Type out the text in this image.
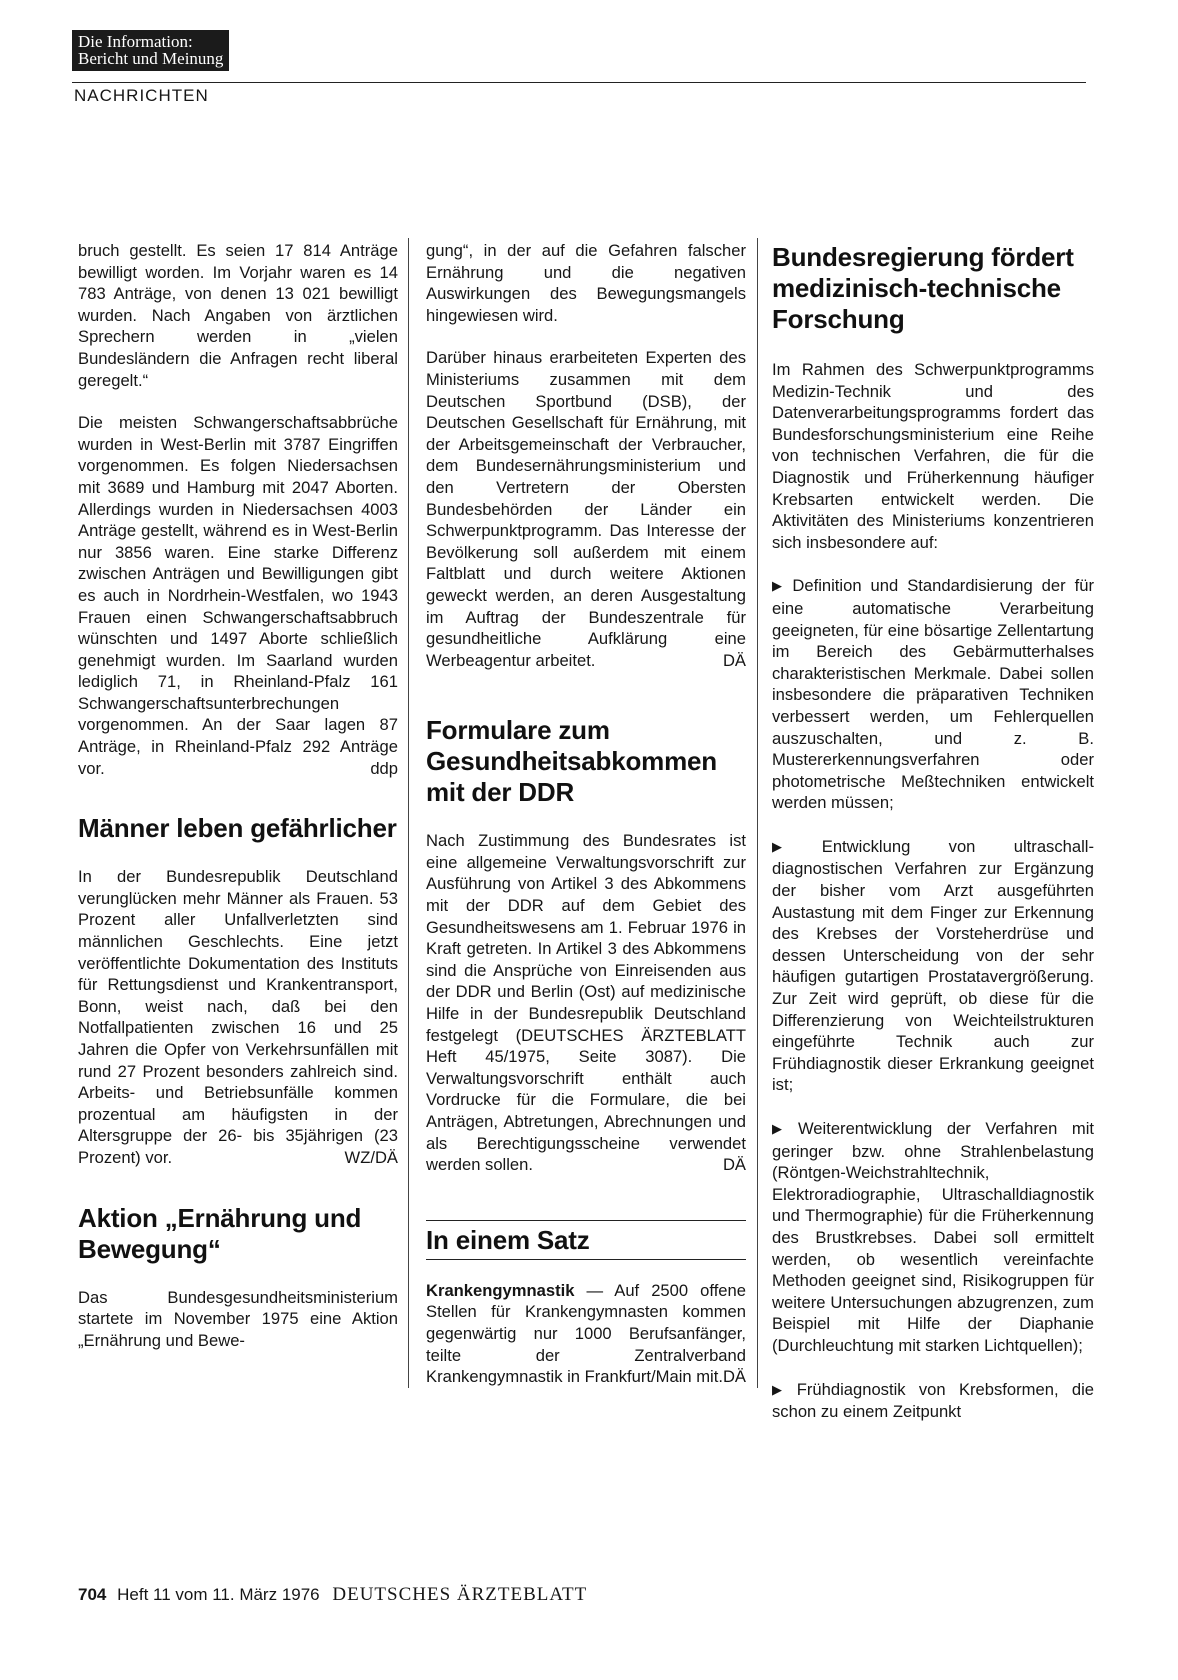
Die Information:
Bericht und Meinung
NACHRICHTEN

bruch gestellt. Es seien 17 814 Anträge bewilligt worden. Im Vorjahr waren es 14 783 Anträge, von denen 13 021 bewilligt wurden. Nach Angaben von ärztlichen Sprechern werden in „vielen Bundesländern die Anfragen recht liberal geregelt.“

Die meisten Schwangerschaftsabbrüche wurden in West-Berlin mit 3787 Eingriffen vorgenommen. Es folgen Niedersachsen mit 3689 und Hamburg mit 2047 Aborten. Allerdings wurden in Niedersachsen 4003 Anträge gestellt, während es in West-Berlin nur 3856 waren. Eine starke Differenz zwischen Anträgen und Bewilligungen gibt es auch in Nordrhein-Westfalen, wo 1943 Frauen einen Schwangerschaftsabbruch wünschten und 1497 Aborte schließlich genehmigt wurden. Im Saarland wurden lediglich 71, in Rheinland-Pfalz 161 Schwangerschaftsunterbrechungen vorgenommen. An der Saar lagen 87 Anträge, in Rheinland-Pfalz 292 Anträge vor.	ddp

Männer leben gefährlicher

In der Bundesrepublik Deutschland verunglücken mehr Männer als Frauen. 53 Prozent aller Unfallverletzten sind männlichen Geschlechts. Eine jetzt veröffentlichte Dokumentation des Instituts für Rettungsdienst und Krankentransport, Bonn, weist nach, daß bei den Notfallpatienten zwischen 16 und 25 Jahren die Opfer von Verkehrsunfällen mit rund 27 Prozent besonders zahlreich sind. Arbeits- und Betriebsunfälle kommen prozentual am häufigsten in der Altersgruppe der 26- bis 35jährigen (23 Prozent) vor.	WZ/DÄ

Aktion „Ernährung und Bewegung“

Das Bundesgesundheitsministerium startete im November 1975 eine Aktion „Ernährung und Bewe-

gung“, in der auf die Gefahren falscher Ernährung und die negativen Auswirkungen des Bewegungsmangels hingewiesen wird.

Darüber hinaus erarbeiteten Experten des Ministeriums zusammen mit dem Deutschen Sportbund (DSB), der Deutschen Gesellschaft für Ernährung, mit der Arbeitsgemeinschaft der Verbraucher, dem Bundesernährungsministerium und den Vertretern der Obersten Bundesbehörden der Länder ein Schwerpunktprogramm. Das Interesse der Bevölkerung soll außerdem mit einem Faltblatt und durch weitere Aktionen geweckt werden, an deren Ausgestaltung im Auftrag der Bundeszentrale für gesundheitliche Aufklärung eine Werbeagentur arbeitet.	DÄ

Formulare zum Gesundheitsabkommen mit der DDR

Nach Zustimmung des Bundesrates ist eine allgemeine Verwaltungsvorschrift zur Ausführung von Artikel 3 des Abkommens mit der DDR auf dem Gebiet des Gesundheitswesens am 1. Februar 1976 in Kraft getreten. In Artikel 3 des Abkommens sind die Ansprüche von Einreisenden aus der DDR und Berlin (Ost) auf medizinische Hilfe in der Bundesrepublik Deutschland festgelegt (DEUTSCHES ÄRZTEBLATT Heft 45/1975, Seite 3087). Die Verwaltungsvorschrift enthält auch Vordrucke für die Formulare, die bei Anträgen, Abtretungen, Abrechnungen und als Berechtigungsscheine verwendet werden sollen.	DÄ

In einem Satz

Krankengymnastik — Auf 2500 offene Stellen für Krankengymnasten kommen gegenwärtig nur 1000 Berufsanfänger, teilte der Zentralverband Krankengymnastik in Frankfurt/Main mit. DÄ

Bundesregierung fördert medizinisch-technische Forschung

Im Rahmen des Schwerpunktprogramms Medizin-Technik und des Datenverarbeitungsprogramms fordert das Bundesforschungsministerium eine Reihe von technischen Verfahren, die für die Diagnostik und Früherkennung häufiger Krebsarten entwickelt werden. Die Aktivitäten des Ministeriums konzentrieren sich insbesondere auf:

▶ Definition und Standardisierung der für eine automatische Verarbeitung geeigneten, für eine bösartige Zellentartung im Bereich des Gebärmutterhalses charakteristischen Merkmale. Dabei sollen insbesondere die präparativen Techniken verbessert werden, um Fehlerquellen auszuschalten, und z. B. Mustererkennungsverfahren oder photometrische Meßtechniken entwickelt werden müssen;

▶ Entwicklung von ultraschall-diagnostischen Verfahren zur Ergänzung der bisher vom Arzt ausgeführten Austastung mit dem Finger zur Erkennung des Krebses der Vorsteherdrüse und dessen Unterscheidung von der sehr häufigen gutartigen Prostatavergrößerung. Zur Zeit wird geprüft, ob diese für die Differenzierung von Weichteilstrukturen eingeführte Technik auch zur Frühdiagnostik dieser Erkrankung geeignet ist;

▶ Weiterentwicklung der Verfahren mit geringer bzw. ohne Strahlenbelastung (Röntgen-Weichstrahltechnik, Elektroradiographie, Ultraschalldiagnostik und Thermographie) für die Früherkennung des Brustkrebses. Dabei soll ermittelt werden, ob wesentlich vereinfachte Methoden geeignet sind, Risikogruppen für weitere Untersuchungen abzugrenzen, zum Beispiel mit Hilfe der Diaphanie (Durchleuchtung mit starken Lichtquellen);

▶ Frühdiagnostik von Krebsformen, die schon zu einem Zeitpunkt

704 Heft 11 vom 11. März 1976 DEUTSCHES ÄRZTEBLATT
